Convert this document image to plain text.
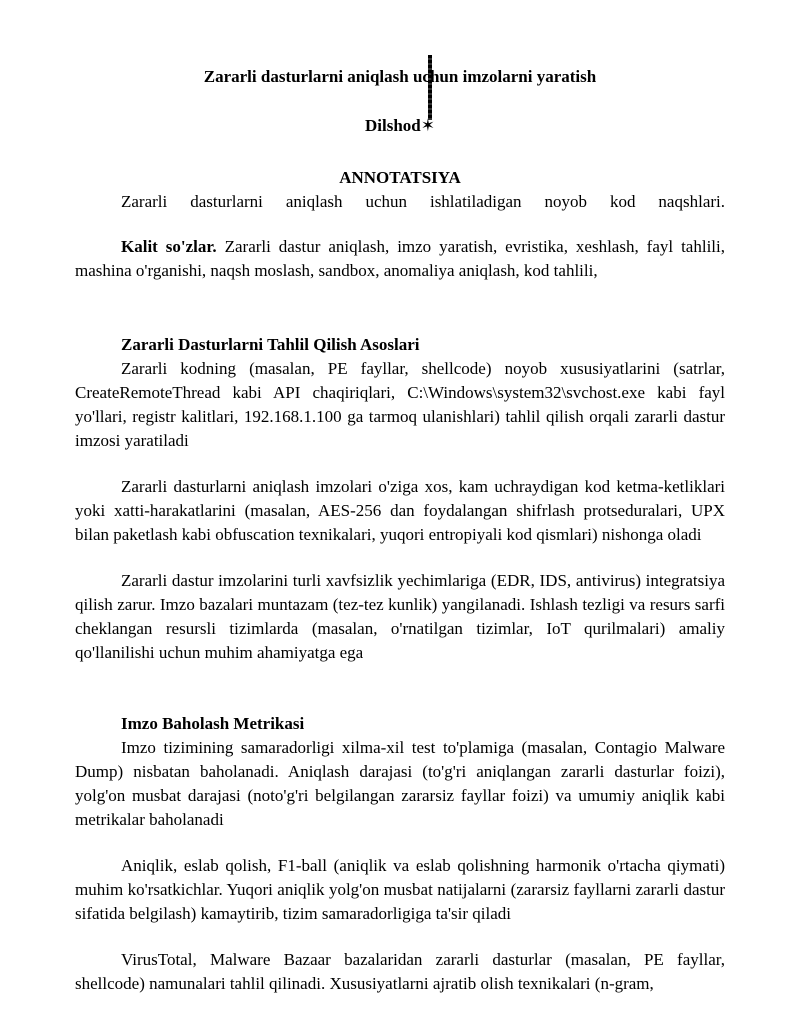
Zararli dasturlarni aniqlash uchun imzolarni yaratish
Dilshod✶
ANNOTATSIYA

Zararli dasturlarni aniqlash uchun ishlatiladigan noyob kod naqshlari.

Kalit so'zlar. Zararli dastur aniqlash, imzo yaratish, evristika, xeshlash, fayl tahlili, mashina o'rganishi, naqsh moslash, sandbox, anomaliya aniqlash, kod tahlili,

Zararli Dasturlarni Tahlil Qilish Asoslari

Zararli kodning (masalan, PE fayllar, shellcode) noyob xususiyatlarini (satrlar, CreateRemoteThread kabi API chaqiriqlari, C:\Windows\system32\svchost.exe kabi fayl yo'llari, registr kalitlari, 192.168.1.100 ga tarmoq ulanishlari) tahlil qilish orqali zararli dastur imzosi yaratiladi

Zararli dasturlarni aniqlash imzolari o'ziga xos, kam uchraydigan kod ketma-ketliklari yoki xatti-harakatlarini (masalan, AES-256 dan foydalangan shifrlash protseduralari, UPX bilan paketlash kabi obfuscation texnikalari, yuqori entropiyali kod qismlari) nishonga oladi

Zararli dastur imzolarini turli xavfsizlik yechimlariga (EDR, IDS, antivirus) integratsiya qilish zarur. Imzo bazalari muntazam (tez-tez kunlik) yangilanadi. Ishlash tezligi va resurs sarfi cheklangan resursli tizimlarda (masalan, o'rnatilgan tizimlar, IoT qurilmalari) amaliy qo'llanilishi uchun muhim ahamiyatga ega

Imzo Baholash Metrikasi

Imzo tizimining samaradorligi xilma-xil test to'plamiga (masalan, Contagio Malware Dump) nisbatan baholanadi. Aniqlash darajasi (to'g'ri aniqlangan zararli dasturlar foizi), yolg'on musbat darajasi (noto'g'ri belgilangan zararsiz fayllar foizi) va umumiy aniqlik kabi metrikalar baholanadi

Aniqlik, eslab qolish, F1-ball (aniqlik va eslab qolishning harmonik o'rtacha qiymati) muhim ko'rsatkichlar. Yuqori aniqlik yolg'on musbat natijalarni (zararsiz fayllarni zararli dastur sifatida belgilash) kamaytirib, tizim samaradorligiga ta'sir qiladi

VirusTotal, Malware Bazaar bazalaridan zararli dasturlar (masalan, PE fayllar, shellcode) namunalari tahlil qilinadi. Xususiyatlarni ajratib olish texnikalari (n-gram,
